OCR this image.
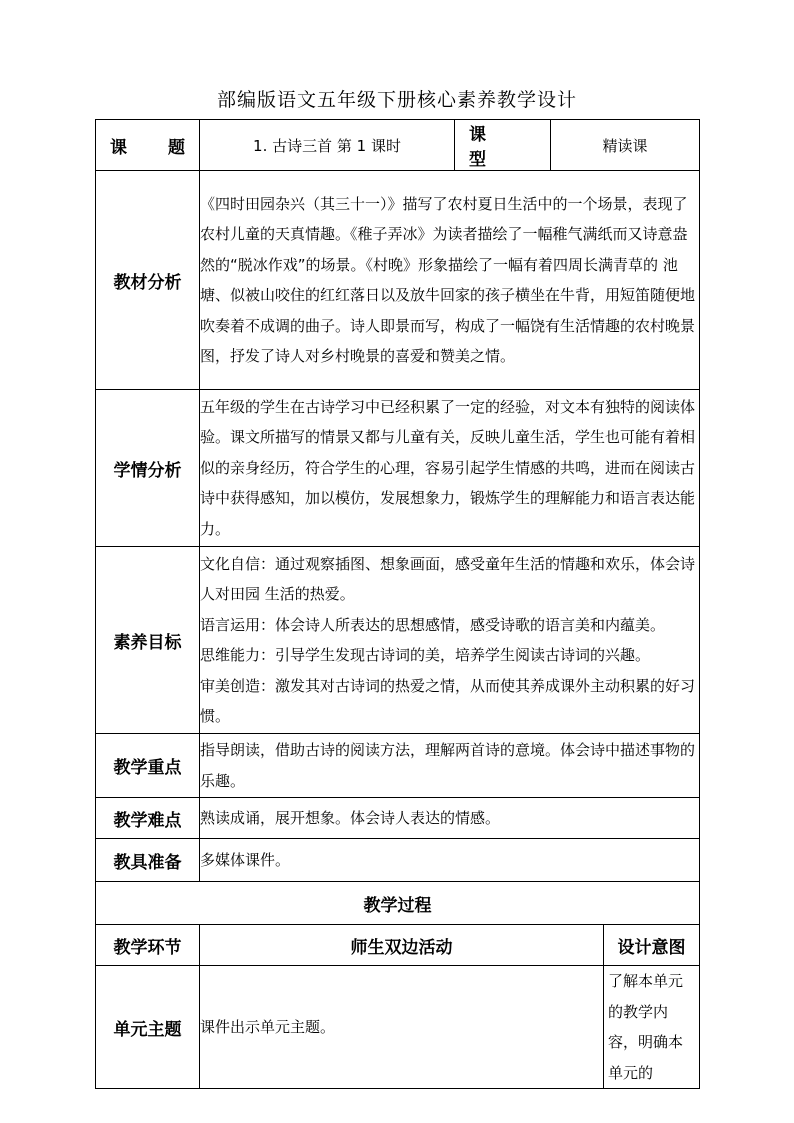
部编版语文五年级下册核心素养教学设计
课　　题	1. 古诗三首 第 1 课时	课　　型	精读课	
教材分析	《四时田园杂兴（其三十一）》描写了农村夏日生活中的一个场景，表现了农村儿童的天真情趣。《稚子弄冰》为读者描绘了一幅稚气满纸而又诗意盎然的“脱冰作戏”的场景。《村晚》形象描绘了一幅有着四周长满青草的 池塘、似被山咬住的红红落日以及放牛回家的孩子横坐在牛背，用短笛随便地吹奏着不成调的曲子。诗人即景而写，构成了一幅饶有生活情趣的农村晚景图，抒发了诗人对乡村晚景的喜爱和赞美之情。			
学情分析	五年级的学生在古诗学习中已经积累了一定的经验，对文本有独特的阅读体验。课文所描写的情景又都与儿童有关，反映儿童生活，学生也可能有着相似的亲身经历，符合学生的心理，容易引起学生情感的共鸣，进而在阅读古诗中获得感知，加以模仿，发展想象力，锻炼学生的理解能力和语言表达能力。			
素养目标	文化自信：通过观察插图、想象画面，感受童年生活的情趣和欢乐，体会诗人对田园 生活的热爱。
语言运用：体会诗人所表达的思想感情，感受诗歌的语言美和内蕴美。
思维能力：引导学生发现古诗词的美，培养学生阅读古诗词的兴趣。
审美创造：激发其对古诗词的热爱之情，从而使其养成课外主动积累的好习惯。			

教学重点	指导朗读，借助古诗的阅读方法，理解两首诗的意境。体会诗中描述事物的乐趣。			
教学难点	熟读成诵，展开想象。体会诗人表达的情感。			
教具准备	多媒体课件。			
教学过程				
教学环节	师生双边活动			设计意图
单元主题	课件出示单元主题。			了解本单元的教学内容，明确本单元的
